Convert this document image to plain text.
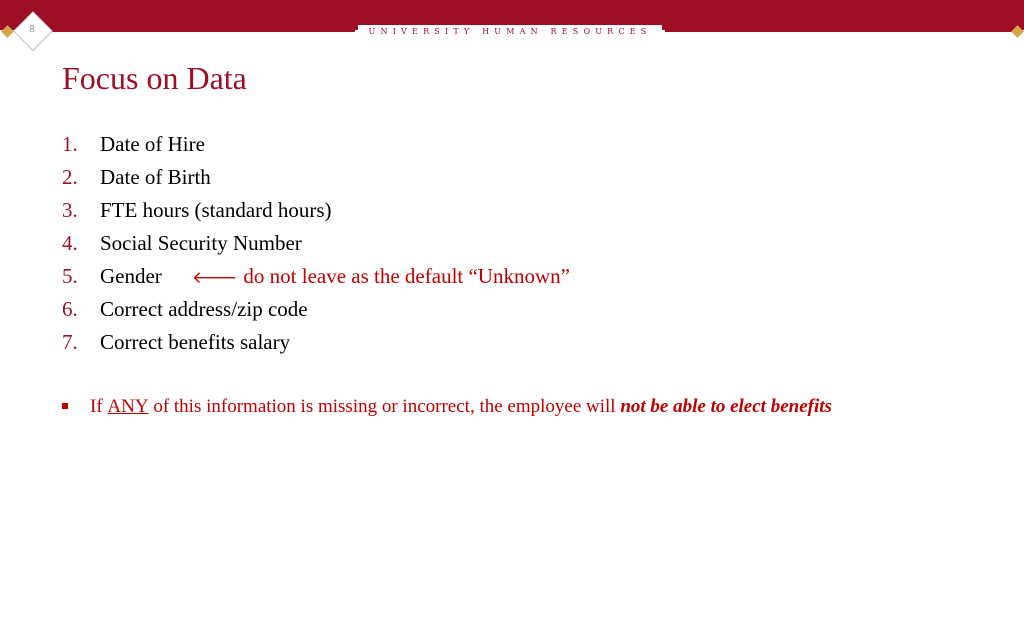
UNIVERSITY HUMAN RESOURCES
8
Focus on Data
1. Date of Hire
2. Date of Birth
3. FTE hours (standard hours)
4. Social Security Number
5. Gender 🡐 do not leave as the default “Unknown”
6. Correct address/zip code
7. Correct benefits salary
If ANY of this information is missing or incorrect, the employee will not be able to elect benefits
